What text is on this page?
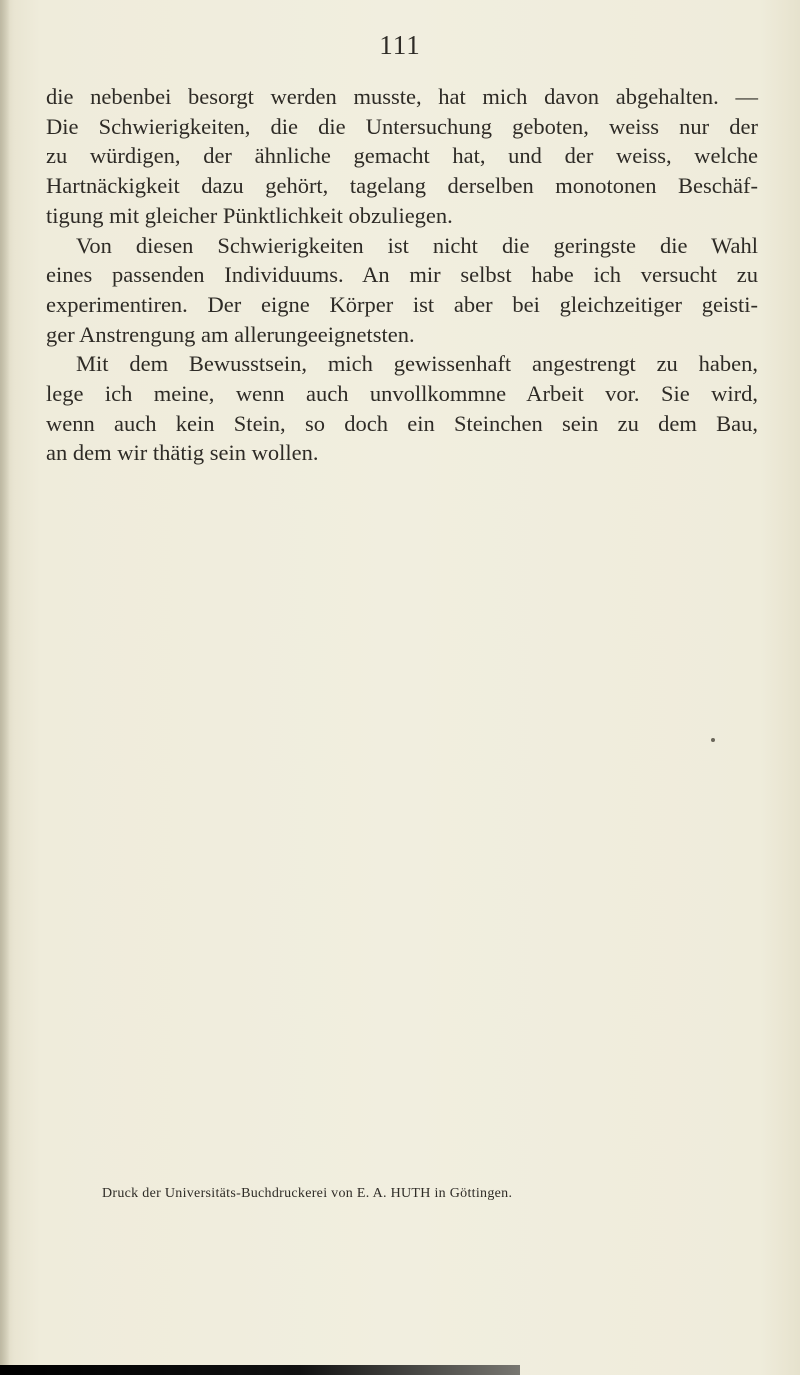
111
die nebenbei besorgt werden musste, hat mich davon abgehalten. —
Die Schwierigkeiten, die die Untersuchung geboten, weiss nur der
zu würdigen, der ähnliche gemacht hat, und der weiss, welche
Hartnäckigkeit dazu gehört, tagelang derselben monotonen Beschäf-
tigung mit gleicher Pünktlichkeit obzuliegen.
Von diesen Schwierigkeiten ist nicht die geringste die Wahl
eines passenden Individuums. An mir selbst habe ich versucht zu
experimentiren. Der eigne Körper ist aber bei gleichzeitiger geisti-
ger Anstrengung am allerungeeignetsten.
Mit dem Bewusstsein, mich gewissenhaft angestrengt zu haben,
lege ich meine, wenn auch unvollkommne Arbeit vor. Sie wird,
wenn auch kein Stein, so doch ein Steinchen sein zu dem Bau,
an dem wir thätig sein wollen.
Druck der Universitäts-Buchdruckerei von E. A. HUTH in Göttingen.
